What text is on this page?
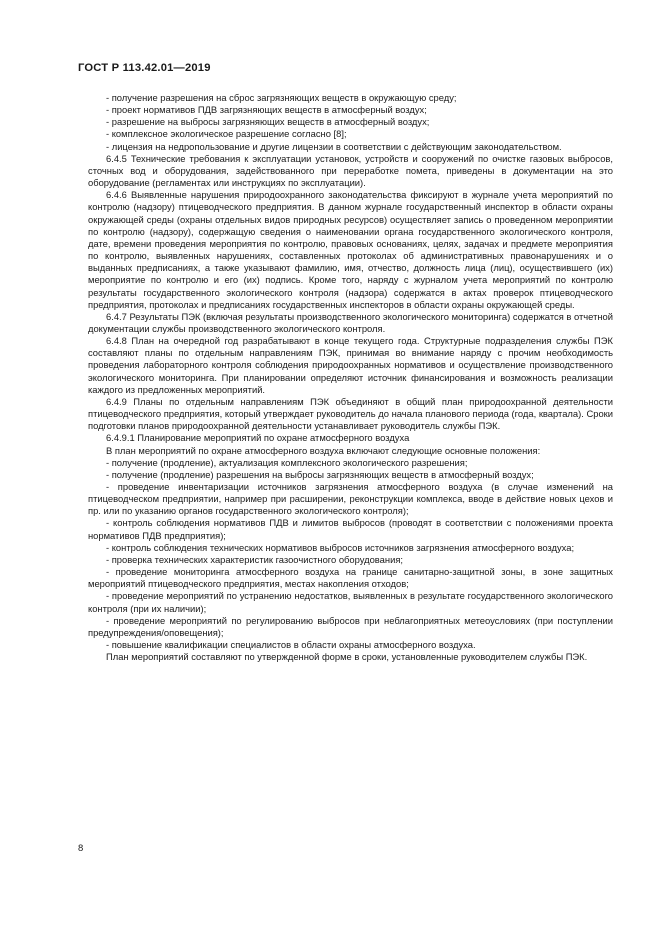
ГОСТ Р 113.42.01—2019

- получение разрешения на сброс загрязняющих веществ в окружающую среду;

- проект нормативов ПДВ загрязняющих веществ в атмосферный воздух;

- разрешение на выбросы загрязняющих веществ в атмосферный воздух;

- комплексное экологическое разрешение согласно [8];

- лицензия на недропользование и другие лицензии в соответствии с действующим законодательством.

6.4.5 Технические требования к эксплуатации установок, устройств и сооружений по очистке газовых выбросов, сточных вод и оборудования, задействованного при переработке помета, приведены в документации на это оборудование (регламентах или инструкциях по эксплуатации).

6.4.6 Выявленные нарушения природоохранного законодательства фиксируют в журнале учета мероприятий по контролю (надзору) птицеводческого предприятия. В данном журнале государственный инспектор в области охраны окружающей среды (охраны отдельных видов природных ресурсов) осуществляет запись о проведенном мероприятии по контролю (надзору), содержащую сведения о наименовании органа государственного экологического контроля, дате, времени проведения мероприятия по контролю, правовых основаниях, целях, задачах и предмете мероприятия по контролю, выявленных нарушениях, составленных протоколах об административных правонарушениях и о выданных предписаниях, а также указывают фамилию, имя, отчество, должность лица (лиц), осуществившего (их) мероприятие по контролю и его (их) подпись. Кроме того, наряду с журналом учета мероприятий по контролю результаты государственного экологического контроля (надзора) содержатся в актах проверок птицеводческого предприятия, протоколах и предписаниях государственных инспекторов в области охраны окружающей среды.

6.4.7 Результаты ПЭК (включая результаты производственного экологического мониторинга) содержатся в отчетной документации службы производственного экологического контроля.

6.4.8 План на очередной год разрабатывают в конце текущего года. Структурные подразделения службы ПЭК составляют планы по отдельным направлениям ПЭК, принимая во внимание наряду с прочим необходимость проведения лабораторного контроля соблюдения природоохранных нормативов и осуществление производственного экологического мониторинга. При планировании определяют источник финансирования и возможность реализации каждого из предложенных мероприятий.

6.4.9 Планы по отдельным направлениям ПЭК объединяют в общий план природоохранной деятельности птицеводческого предприятия, который утверждает руководитель до начала планового периода (года, квартала). Сроки подготовки планов природоохранной деятельности устанавливает руководитель службы ПЭК.

6.4.9.1 Планирование мероприятий по охране атмосферного воздуха

В план мероприятий по охране атмосферного воздуха включают следующие основные положения:

- получение (продление), актуализация комплексного экологического разрешения;

- получение (продление) разрешения на выбросы загрязняющих веществ в атмосферный воздух;

- проведение инвентаризации источников загрязнения атмосферного воздуха (в случае изменений на птицеводческом предприятии, например при расширении, реконструкции комплекса, вводе в действие новых цехов и пр. или по указанию органов государственного экологического контроля);

- контроль соблюдения нормативов ПДВ и лимитов выбросов (проводят в соответствии с положениями проекта нормативов ПДВ предприятия);

- контроль соблюдения технических нормативов выбросов источников загрязнения атмосферного воздуха;

- проверка технических характеристик газоочистного оборудования;

- проведение мониторинга атмосферного воздуха на границе санитарно-защитной зоны, в зоне защитных мероприятий птицеводческого предприятия, местах накопления отходов;

- проведение мероприятий по устранению недостатков, выявленных в результате государственного экологического контроля (при их наличии);

- проведение мероприятий по регулированию выбросов при неблагоприятных метеоусловиях (при поступлении предупреждения/оповещения);

- повышение квалификации специалистов в области охраны атмосферного воздуха.

План мероприятий составляют по утвержденной форме в сроки, установленные руководителем службы ПЭК.

8
